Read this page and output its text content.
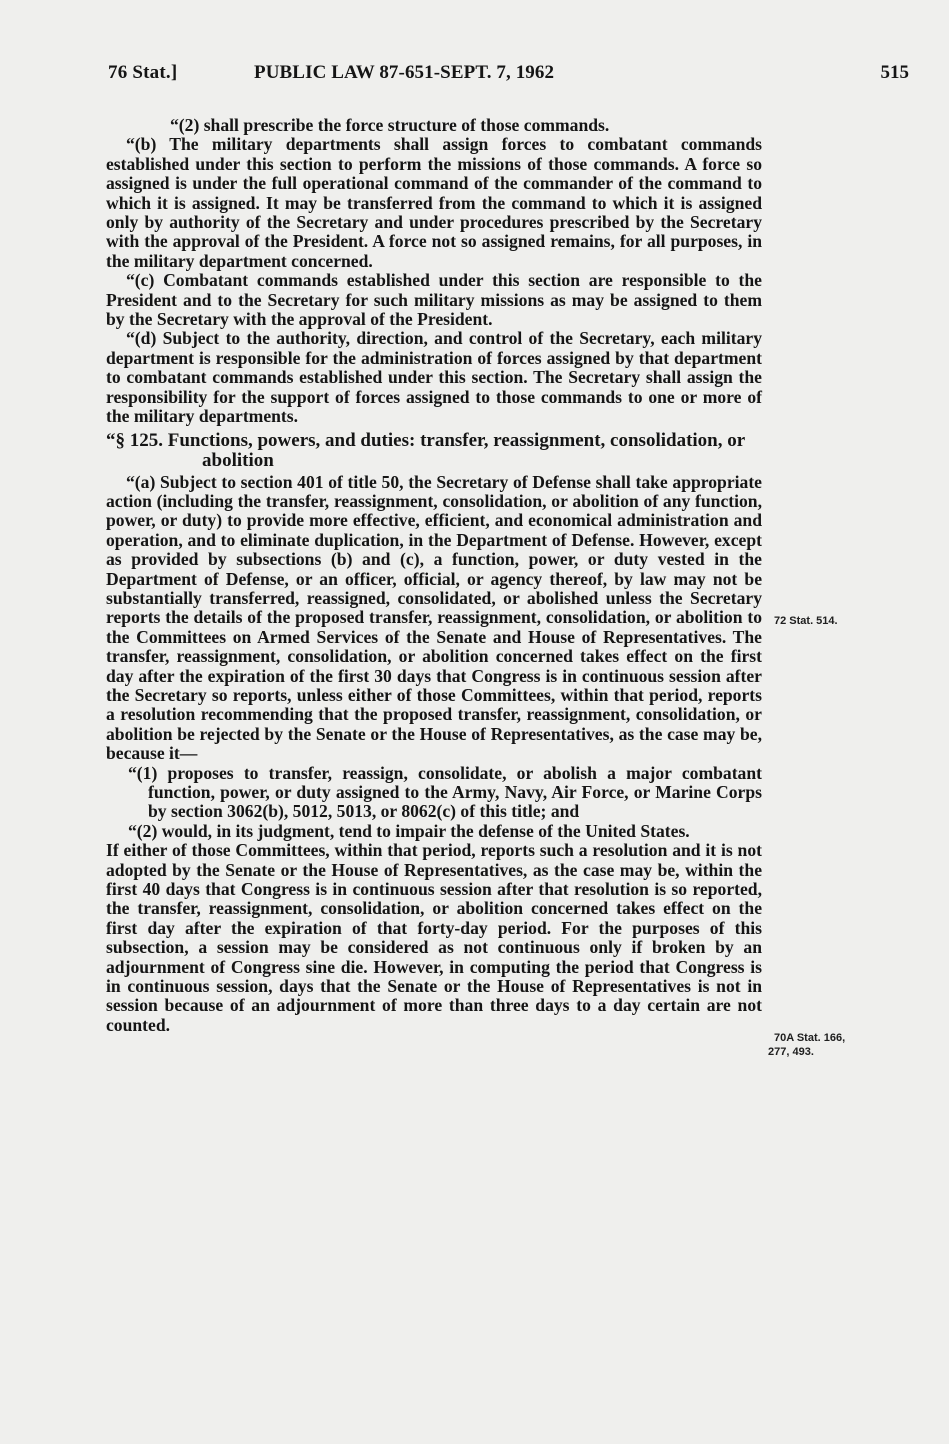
76 Stat.]	PUBLIC LAW 87-651-SEPT. 7, 1962	515

“(2) shall prescribe the force structure of those commands.

“(b) The military departments shall assign forces to combatant commands established under this section to perform the missions of those commands. A force so assigned is under the full operational command of the commander of the command to which it is assigned. It may be transferred from the command to which it is assigned only by authority of the Secretary and under procedures prescribed by the Secretary with the approval of the President. A force not so assigned remains, for all purposes, in the military department concerned.

“(c) Combatant commands established under this section are responsible to the President and to the Secretary for such military missions as may be assigned to them by the Secretary with the approval of the President.

“(d) Subject to the authority, direction, and control of the Secretary, each military department is responsible for the administration of forces assigned by that department to combatant commands established under this section. The Secretary shall assign the responsibility for the support of forces assigned to those commands to one or more of the military departments.

“§ 125. Functions, powers, and duties: transfer, reassignment, consolidation, or abolition

“(a) Subject to section 401 of title 50, the Secretary of Defense shall take appropriate action (including the transfer, reassignment, consolidation, or abolition of any function, power, or duty) to provide more effective, efficient, and economical administration and operation, and to eliminate duplication, in the Department of Defense. However, except as provided by subsections (b) and (c), a function, power, or duty vested in the Department of Defense, or an officer, official, or agency thereof, by law may not be substantially transferred, reassigned, consolidated, or abolished unless the Secretary reports the details of the proposed transfer, reassignment, consolidation, or abolition to the Committees on Armed Services of the Senate and House of Representatives. The transfer, reassignment, consolidation, or abolition concerned takes effect on the first day after the expiration of the first 30 days that Congress is in continuous session after the Secretary so reports, unless either of those Committees, within that period, reports a resolution recommending that the proposed transfer, reassignment, consolidation, or abolition be rejected by the Senate or the House of Representatives, as the case may be, because it—

“(1) proposes to transfer, reassign, consolidate, or abolish a major combatant function, power, or duty assigned to the Army, Navy, Air Force, or Marine Corps by section 3062(b), 5012, 5013, or 8062(c) of this title; and

“(2) would, in its judgment, tend to impair the defense of the United States.

If either of those Committees, within that period, reports such a resolution and it is not adopted by the Senate or the House of Representatives, as the case may be, within the first 40 days that Congress is in continuous session after that resolution is so reported, the transfer, reassignment, consolidation, or abolition concerned takes effect on the first day after the expiration of that forty-day period. For the purposes of this subsection, a session may be considered as not continuous only if broken by an adjournment of Congress sine die. However, in computing the period that Congress is in continuous session, days that the Senate or the House of Representatives is not in session because of an adjournment of more than three days to a day certain are not counted.

72 Stat. 514.
70A Stat. 166,
277, 493.
